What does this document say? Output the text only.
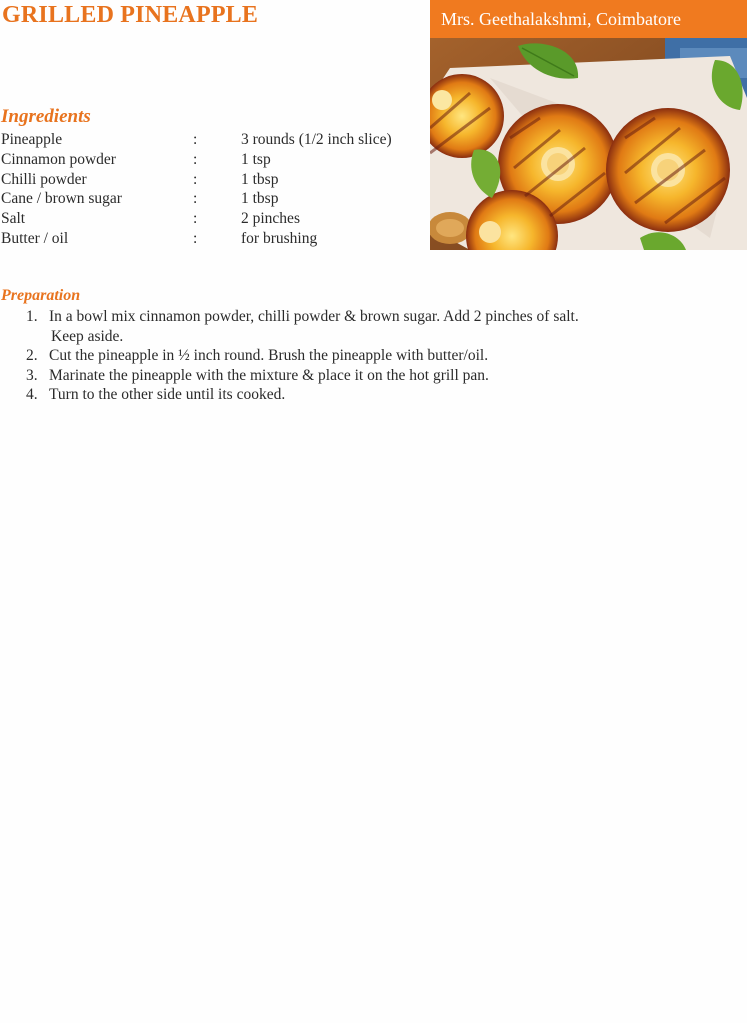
GRILLED PINEAPPLE	Mrs. Geethalakshmi, Coimbatore
Ingredients
Pineapple	:	3 rounds (1/2 inch slice)
Cinnamon powder	:	1 tsp
Chilli powder	:	1 tbsp
Cane / brown sugar	:	1 tbsp
Salt	:	2 pinches
Butter / oil	:	for brushing
Preparation
1. In a bowl mix cinnamon powder, chilli powder & brown sugar. Add 2 pinches of salt.
Keep aside.
2. Cut the pineapple in ½ inch round. Brush the pineapple with butter/oil.
3. Marinate the pineapple with the mixture & place it on the hot grill pan.
4. Turn to the other side until its cooked.
